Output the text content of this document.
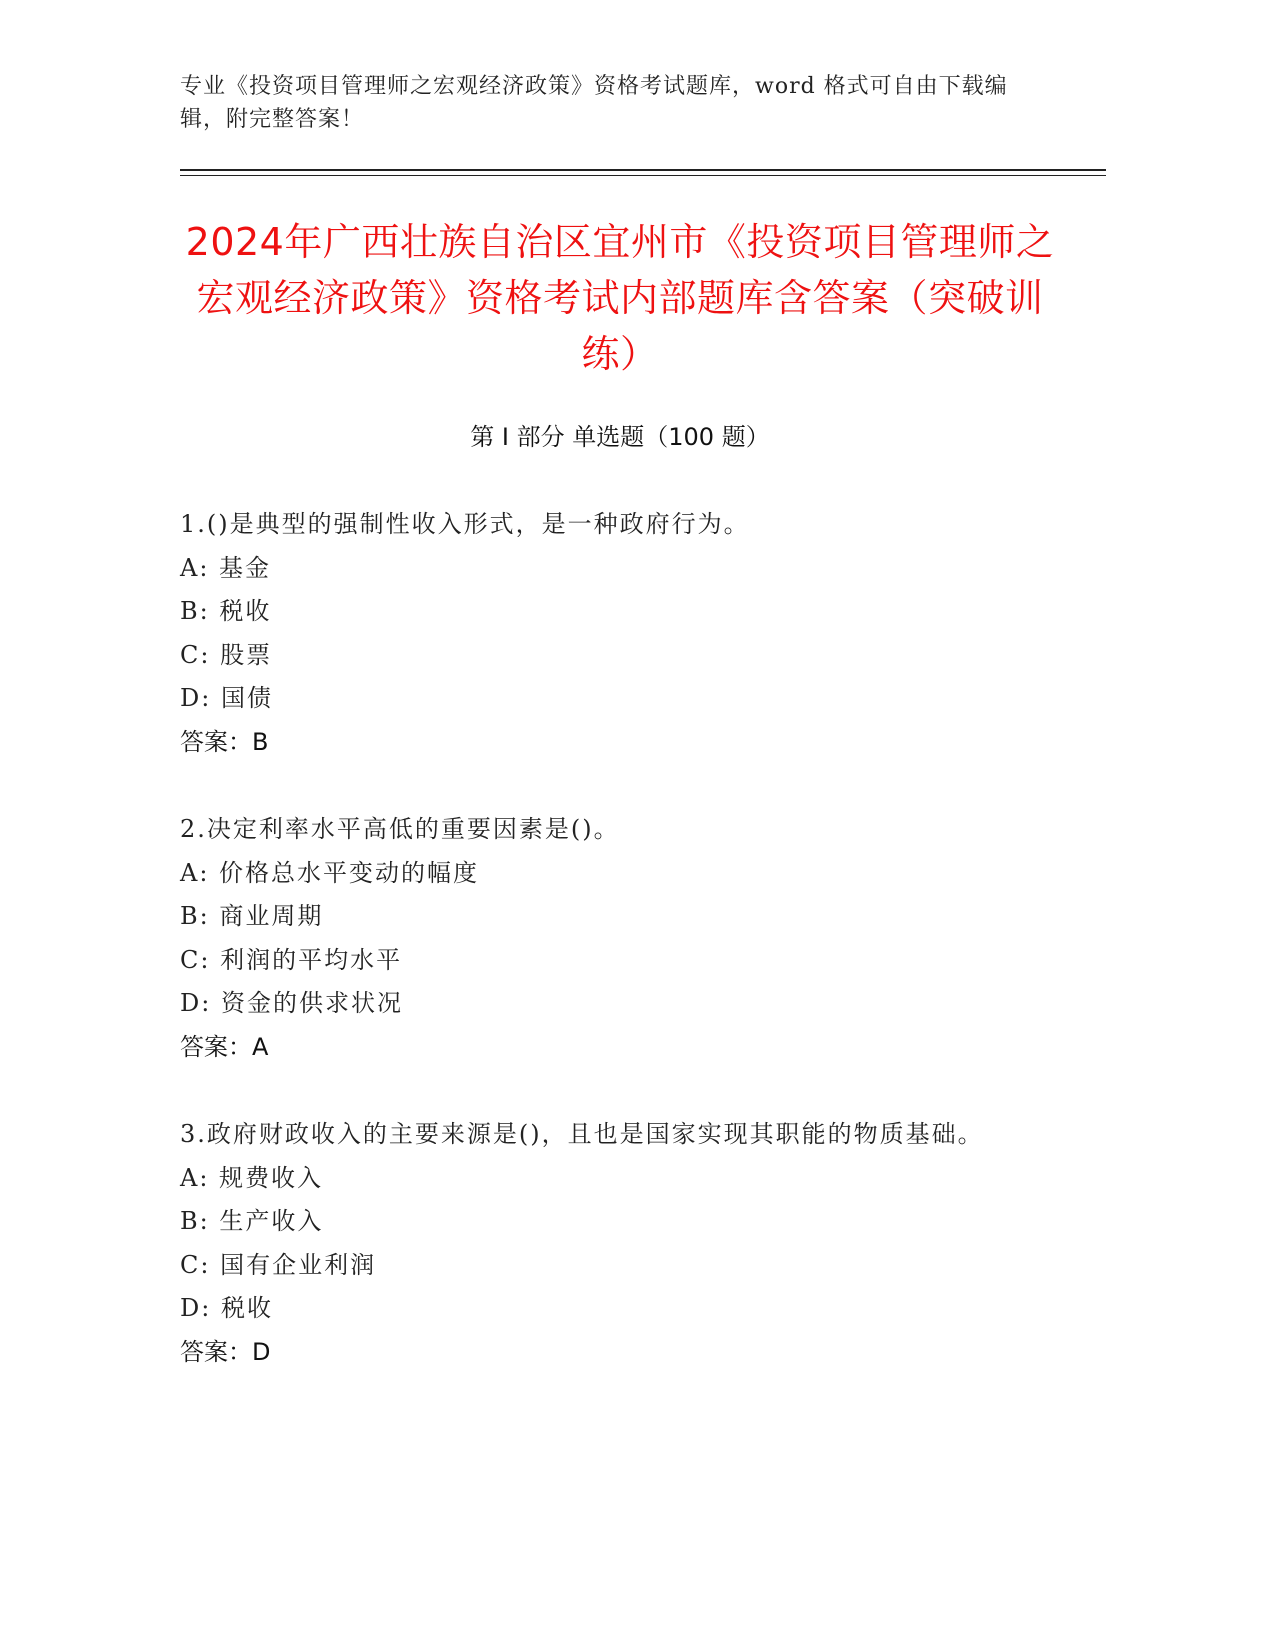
专业《投资项目管理师之宏观经济政策》资格考试题库，word 格式可自由下载编辑，附完整答案！
2024年广西壮族自治区宜州市《投资项目管理师之宏观经济政策》资格考试内部题库含答案（突破训练）
第 I 部分 单选题（100 题）

1.()是典型的强制性收入形式，是一种政府行为。

A: 基金

B: 税收

C: 股票

D: 国债

答案：B

2.决定利率水平高低的重要因素是()。

A: 价格总水平变动的幅度

B: 商业周期

C: 利润的平均水平

D: 资金的供求状况

答案：A

3.政府财政收入的主要来源是()，且也是国家实现其职能的物质基础。

A: 规费收入

B: 生产收入

C: 国有企业利润

D: 税收

答案：D
